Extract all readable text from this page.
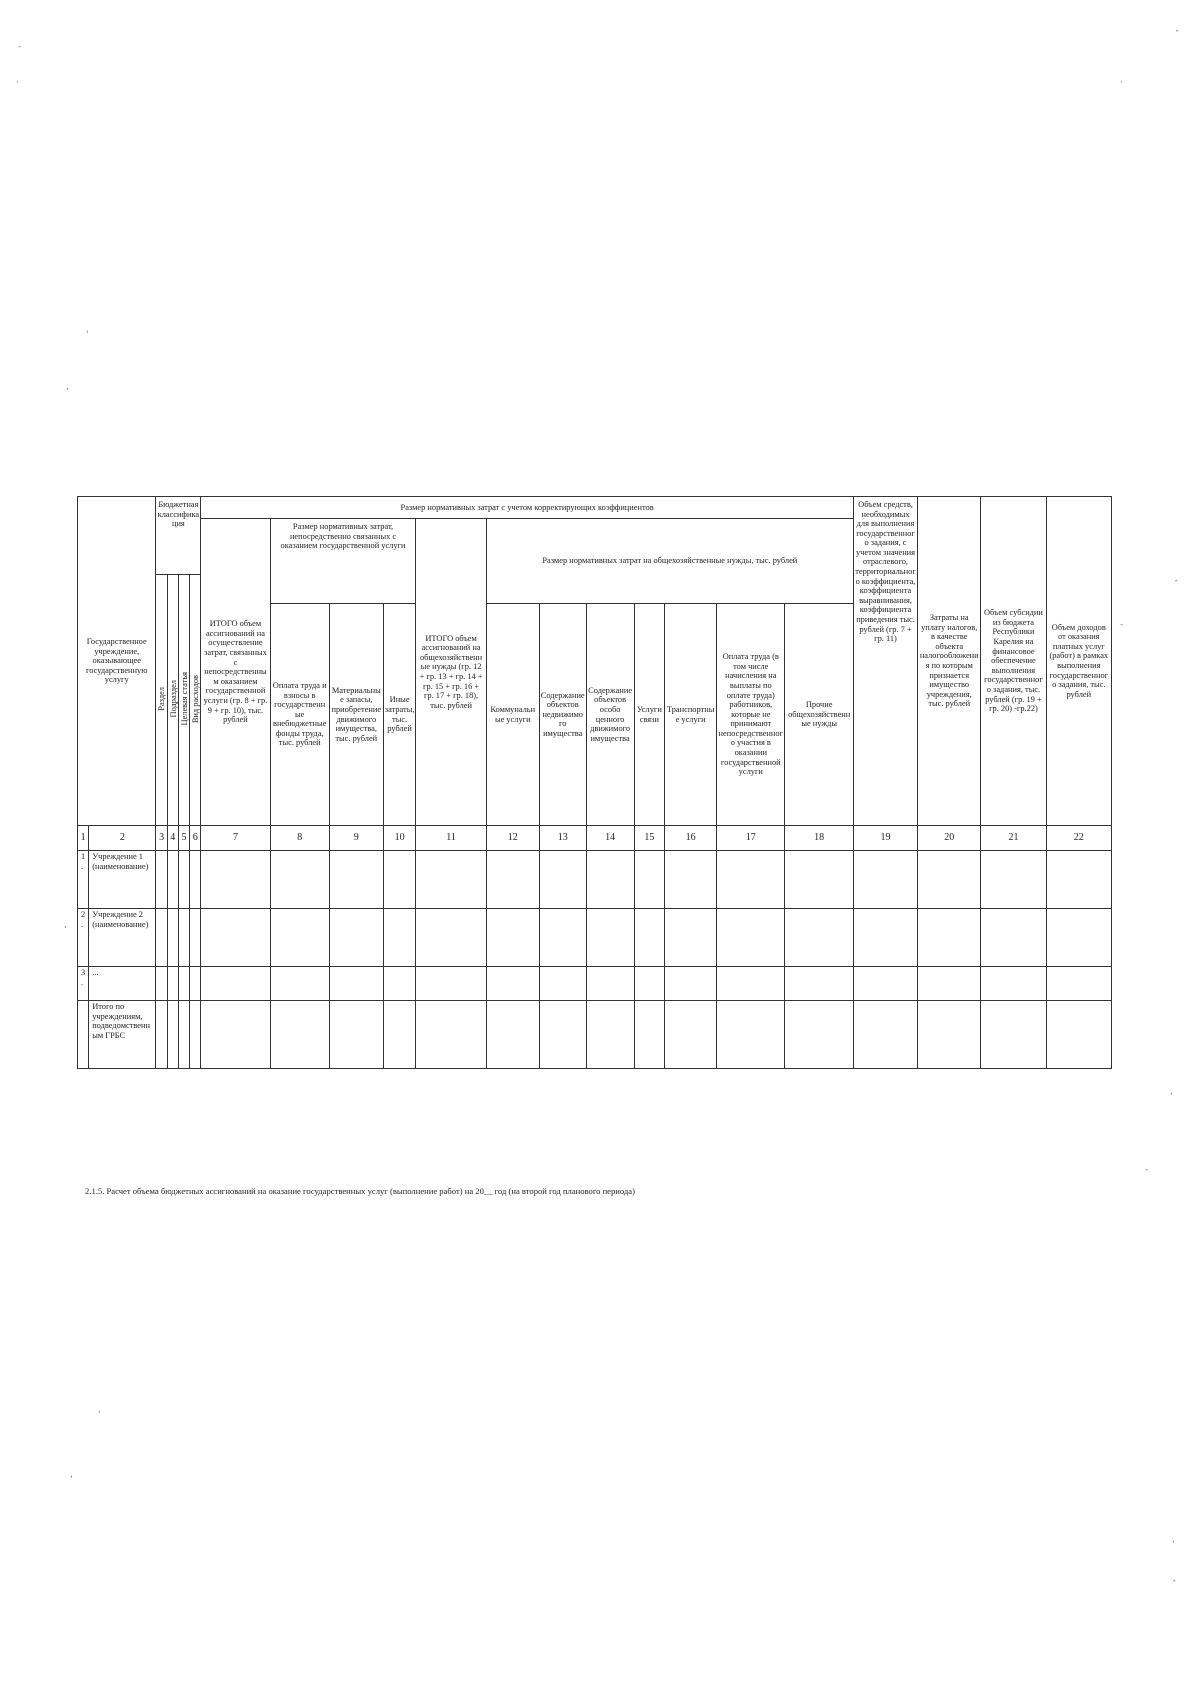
Государственное учреждение, оказывающее государственную услугу		Бюджетная классификация				Размер нормативных затрат с учетом корректирующих коэффициентов												Объем средств, необходимых для выполнения государственного задания, с учетом значения отраслевого, территориального коэффициента, коэффициента выравнивания, коэффициента приведения тыс. рублей (гр. 7 + гр. 11)	Затраты на уплату налогов, в качестве объекта налогообложения по которым признается имущество учреждения, тыс. рублей	Объем субсидии из бюджета Республики Карелия на финансовое обеспечение выполнения государственного задания, тыс. рублей (гр. 19 + гр. 20) -гр.22)	Объем доходов от оказания платных услуг (работ) в рамках выполнения государственного задания, тыс. рублей
						ИТОГО объем ассигнований на осуществление затрат, связанных с непосредственным оказанием государственной услуги (гр. 8 + гр. 9 + гр. 10), тыс. рублей	Размер нормативных затрат, непосредственно связанных с оказанием государственной услуги			ИТОГО объем ассигнований на общехозяйственные нужды (гр. 12 + гр. 13 + гр. 14 + гр. 15 + гр. 16 + гр. 17 + гр. 18), тыс. рублей	Размер нормативных затрат на общехозяйственные нужды, тыс. рублей										
		Раздел	Подраздел	Целевая статья	Вид расходов																
							Оплата труда и взносы в государственные внебюджетные фонды труда, тыс. рублей	Материальные запасы, приобретение движимого имущества, тыс. рублей	Иные затраты, тыс. рублей		Коммунальные услуги	Содержание объектов недвижимого имущества	Содержание объектов особо ценного движимого имущества	Услуги связи	Транспортные услуги	Оплата труда (в том числе начисления на выплаты по оплате труда) работников, которые не принимают непосредственного участия в оказании государственной услуги	Прочие общехозяйственные нужды				
1	2	3	4	5	6	7	8	9	10	11	12	13	14	15	16	17	18	19	20	21	22
1.	Учреждение 1 (наименование)																				
2.	Учреждение 2 (наименование)																				
3.	...																				
	Итого по учреждениям, подведомственным ГРБС																				
2.1.5. Расчет объема бюджетных ассигнований на оказание государственных услуг (выполнение работ) на 20__ год (на второй год планового периода)
ˆ
-
·	·
'
,
ˆ
-
,
'
-
'
,
'
ˆ
